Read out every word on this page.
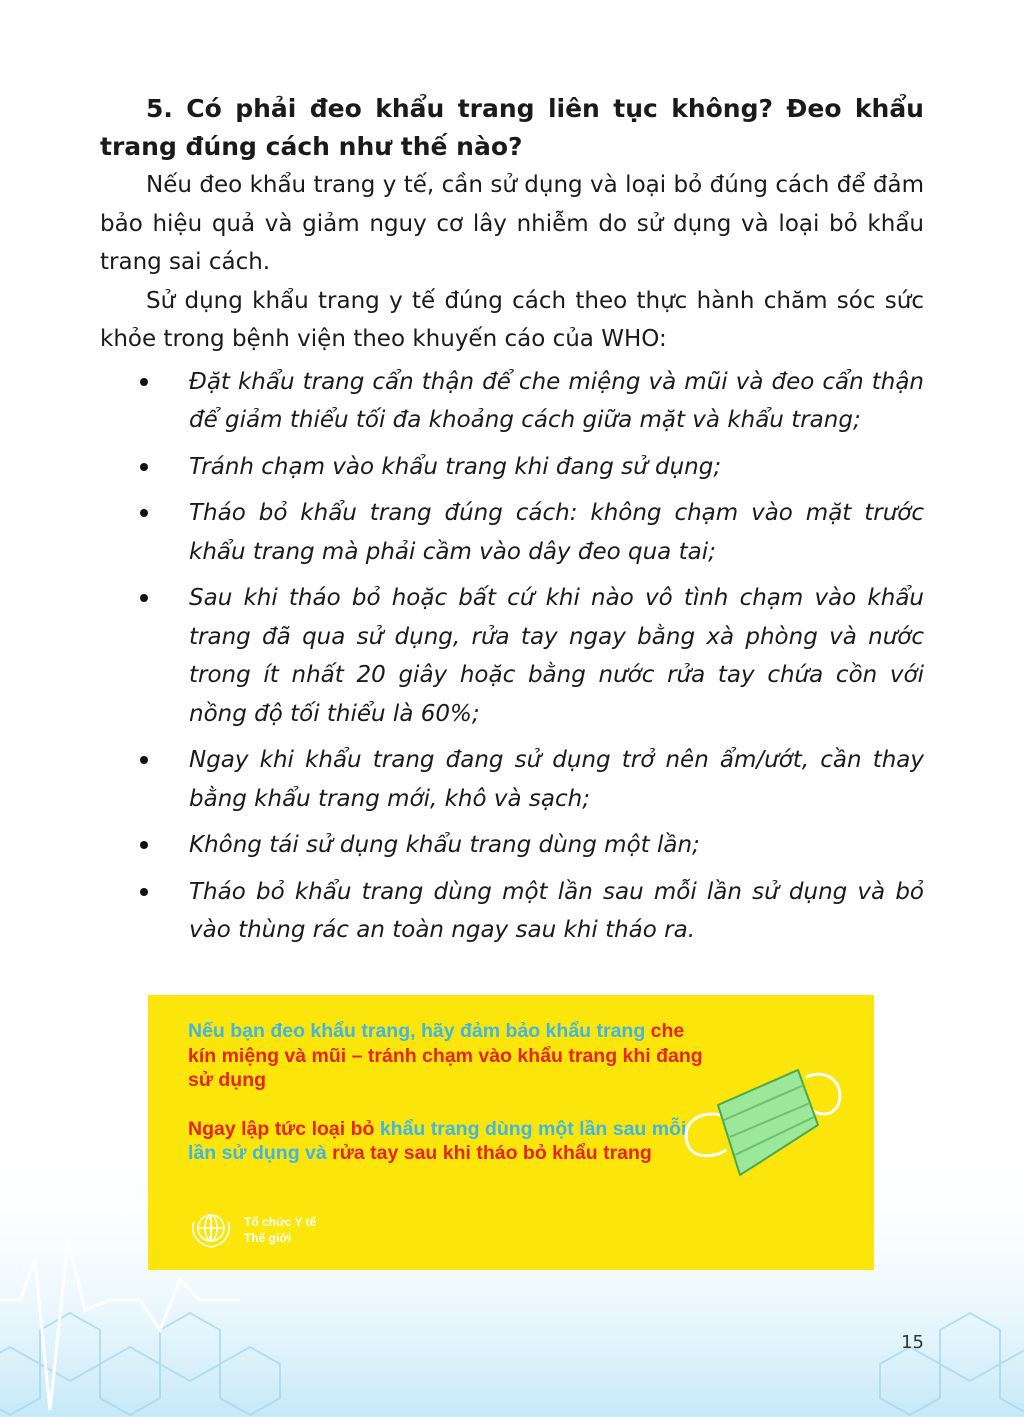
5. Có phải đeo khẩu trang liên tục không? Đeo khẩu trang đúng cách như thế nào?

Nếu đeo khẩu trang y tế, cần sử dụng và loại bỏ đúng cách để đảm bảo hiệu quả và giảm nguy cơ lây nhiễm do sử dụng và loại bỏ khẩu trang sai cách.

Sử dụng khẩu trang y tế đúng cách theo thực hành chăm sóc sức khỏe trong bệnh viện theo khuyến cáo của WHO:

Đặt khẩu trang cẩn thận để che miệng và mũi và đeo cẩn thận để giảm thiểu tối đa khoảng cách giữa mặt và khẩu trang;
Tránh chạm vào khẩu trang khi đang sử dụng;
Tháo bỏ khẩu trang đúng cách: không chạm vào mặt trước khẩu trang mà phải cầm vào dây đeo qua tai;
Sau khi tháo bỏ hoặc bất cứ khi nào vô tình chạm vào khẩu trang đã qua sử dụng, rửa tay ngay bằng xà phòng và nước trong ít nhất 20 giây hoặc bằng nước rửa tay chứa cồn với nồng độ tối thiểu là 60%;
Ngay khi khẩu trang đang sử dụng trở nên ẩm/ướt, cần thay bằng khẩu trang mới, khô và sạch;
Không tái sử dụng khẩu trang dùng một lần;
Tháo bỏ khẩu trang dùng một lần sau mỗi lần sử dụng và bỏ vào thùng rác an toàn ngay sau khi tháo ra.

Nếu bạn đeo khẩu trang, hãy đảm bảo khẩu trang che kín miệng và mũi – tránh chạm vào khẩu trang khi đang sử dụng

Ngay lập tức loại bỏ khẩu trang dùng một lần sau mỗi lần sử dụng và rửa tay sau khi tháo bỏ khẩu trang

Tổ chức Y tế
Thế giới
15
